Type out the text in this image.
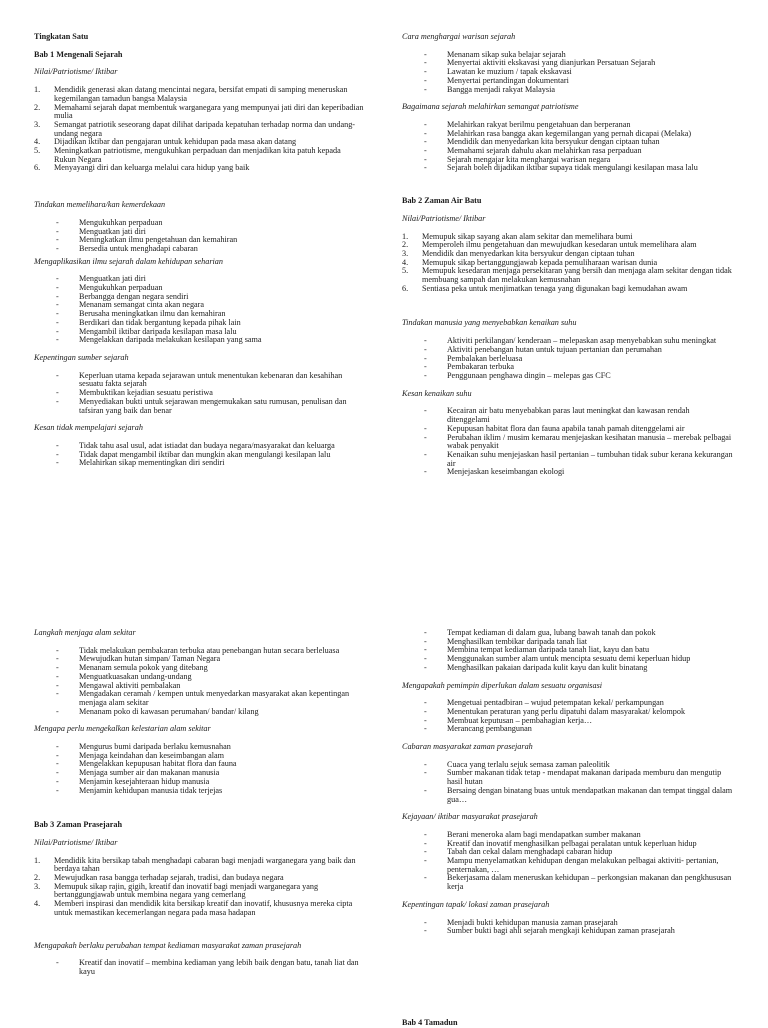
Tingkatan Satu
Bab 1 Mengenali Sejarah
Nilai/Patriotisme/ Iktibar
1. Mendidik generasi akan datang mencintai negara, bersifat empati di samping meneruskan kegemilangan tamadun bangsa Malaysia
2. Memahami sejarah dapat membentuk warganegara yang mempunyai jati diri dan keperibadian mulia
3. Semangat patriotik seseorang dapat dilihat daripada kepatuhan terhadap norma dan undang-undang negara
4. Dijadikan iktibar dan pengajaran untuk kehidupan pada masa akan datang
5. Meningkatkan patriotisme, mengukuhkan perpaduan dan menjadikan kita patuh kepada Rukun Negara
6. Menyayangi diri dan keluarga melalui cara hidup yang baik
Tindakan memelihara/kan kemerdekaan
- Mengukuhkan perpaduan
- Menguatkan jati diri
- Meningkatkan ilmu pengetahuan dan kemahiran
- Bersedia untuk menghadapi cabaran
Mengaplikasikan ilmu sejarah dalam kehidupan seharian
- Menguatkan jati diri
- Mengukuhkan perpaduan
- Berbangga dengan negara sendiri
- Menanam semangat cinta akan negara
- Berusaha meningkatkan ilmu dan kemahiran
- Berdikari dan tidak bergantung kepada pihak lain
- Mengambil iktibar daripada kesilapan masa lalu
- Mengelakkan daripada melakukan kesilapan yang sama
Kepentingan sumber sejarah
- Keperluan utama kepada sejarawan untuk menentukan kebenaran dan kesahihan sesuatu fakta sejarah
- Membuktikan kejadian sesuatu peristiwa
- Menyediakan bukti untuk sejarawan mengemukakan satu rumusan, penulisan dan tafsiran yang baik dan benar
Kesan tidak mempelajari sejarah
- Tidak tahu asal usul, adat istiadat dan budaya negara/masyarakat dan keluarga
- Tidak dapat mengambil iktibar dan mungkin akan mengulangi kesilapan lalu
- Melahirkan sikap mementingkan diri sendiri
Cara menghargai warisan sejarah
- Menanam sikap suka belajar sejarah
- Menyertai aktiviti ekskavasi yang dianjurkan Persatuan Sejarah
- Lawatan ke muzium / tapak ekskavasi
- Menyertai pertandingan dokumentari
- Bangga menjadi rakyat Malaysia
Bagaimana sejarah melahirkan semangat patriotisme
- Melahirkan rakyat berilmu pengetahuan dan berperanan
- Melahirkan rasa bangga akan kegemilangan yang pernah dicapai (Melaka)
- Mendidik dan menyedarkan kita bersyukur dengan ciptaan tuhan
- Memahami sejarah dahulu akan melahirkan rasa perpaduan
- Sejarah mengajar kita menghargai warisan negara
- Sejarah boleh dijadikan iktibar supaya tidak mengulangi kesilapan masa lalu
Bab 2 Zaman Air Batu
Nilai/Patriotisme/ Iktibar
1. Memupuk sikap sayang akan alam sekitar dan memelihara bumi
2. Memperoleh ilmu pengetahuan dan mewujudkan kesedaran untuk memelihara alam
3. Mendidik dan menyedarkan kita bersyukur dengan ciptaan tuhan
4. Memupuk sikap bertanggungjawab kepada pemuliharaan warisan dunia
5. Memupuk kesedaran menjaga persekitaran yang bersih dan menjaga alam sekitar dengan tidak membuang sampah dan melakukan kemusnahan
6. Sentiasa peka untuk menjimatkan tenaga yang digunakan bagi kemudahan awam
Tindakan manusia yang menyebabkan kenaikan suhu
- Aktiviti perkilangan/ kenderaan – melepaskan asap menyebabkan suhu meningkat
- Aktiviti penebangan hutan untuk tujuan pertanian dan perumahan
- Pembalakan berleluasa
- Pembakaran terbuka
- Penggunaan penghawa dingin – melepas gas CFC
Kesan kenaikan suhu
- Kecairan air batu menyebabkan paras laut meningkat dan kawasan rendah ditenggelami
- Kepupusan habitat flora dan fauna apabila tanah pamah ditenggelami air
- Perubahan iklim / musim kemarau menjejaskan kesihatan manusia – merebak pelbagai wabak penyakit
- Kenaikan suhu menjejaskan hasil pertanian – tumbuhan tidak subur kerana kekurangan air
- Menjejaskan keseimbangan ekologi
Langkah menjaga alam sekitar
- Tidak melakukan pembakaran terbuka atau penebangan hutan secara berleluasa
- Mewujudkan hutan simpan/ Taman Negara
- Menanam semula pokok yang ditebang
- Menguatkuasakan undang-undang
- Mengawal aktiviti pembalakan
- Mengadakan ceramah / kempen untuk menyedarkan masyarakat akan kepentingan menjaga alam sekitar
- Menanam poko di kawasan perumahan/ bandar/ kilang
Mengapa perlu mengekalkan kelestarian alam sekitar
- Mengurus bumi daripada berlaku kemusnahan
- Menjaga keindahan dan keseimbangan alam
- Mengelakkan kepupusan habitat flora dan fauna
- Menjaga sumber air dan makanan manusia
- Menjamin kesejahteraan hidup manusia
- Menjamin kehidupan manusia tidak terjejas
Bab 3 Zaman Prasejarah
Nilai/Patriotisme/ Iktibar
1. Mendidik kita bersikap tabah menghadapi cabaran bagi menjadi warganegara yang baik dan berdaya tahan
2. Mewujudkan rasa bangga terhadap sejarah, tradisi, dan budaya negara
3. Memupuk sikap rajin, gigih, kreatif dan inovatif bagi menjadi warganegara yang bertanggungjawab untuk membina negara yang cemerlang
4. Memberi inspirasi dan mendidik kita bersikap kreatif dan inovatif, khususnya mereka cipta untuk memastikan kecemerlangan negara pada masa hadapan
Mengapakah berlaku perubahan tempat kediaman masyarakat zaman prasejarah
- Kreatif dan inovatif – membina kediaman yang lebih baik dengan batu, tanah liat dan kayu
- Tempat kediaman di dalam gua, lubang bawah tanah dan pokok
- Menghasilkan tembikar daripada tanah liat
- Membina tempat kediaman daripada tanah liat, kayu dan batu
- Menggunakan sumber alam untuk mencipta sesuatu demi keperluan hidup
- Menghasilkan pakaian daripada kulit kayu dan kulit binatang
Mengapakah pemimpin diperlukan dalam sesuatu organisasi
- Mengetuai pentadbiran – wujud petempatan kekal/ perkampungan
- Menentukan peraturan yang perlu dipatuhi dalam masyarakat/ kelompok
- Membuat keputusan – pembahagian kerja…
- Merancang pembangunan
Cabaran masyarakat zaman prasejarah
- Cuaca yang terlalu sejuk semasa zaman paleolitik
- Sumber makanan tidak tetap - mendapat makanan daripada memburu dan mengutip hasil hutan
- Bersaing dengan binatang buas untuk mendapatkan makanan dan tempat tinggal dalam gua…
Kejayaan/ iktibar masyarakat prasejarah
- Berani meneroka alam bagi mendapatkan sumber makanan
- Kreatif dan inovatif menghasilkan pelbagai peralatan untuk keperluan hidup
- Tabah dan cekal dalam menghadapi cabaran hidup
- Mampu menyelamatkan kehidupan dengan melakukan pelbagai aktiviti- pertanian, penternakan, …
- Bekerjasama dalam meneruskan kehidupan – perkongsian makanan dan pengkhususan kerja
Kepentingan tapak/ lokasi zaman prasejarah
- Menjadi bukti kehidupan manusia zaman prasejarah
- Sumber bukti bagi ahli sejarah mengkaji kehidupan zaman prasejarah
Bab 4 Tamadun
